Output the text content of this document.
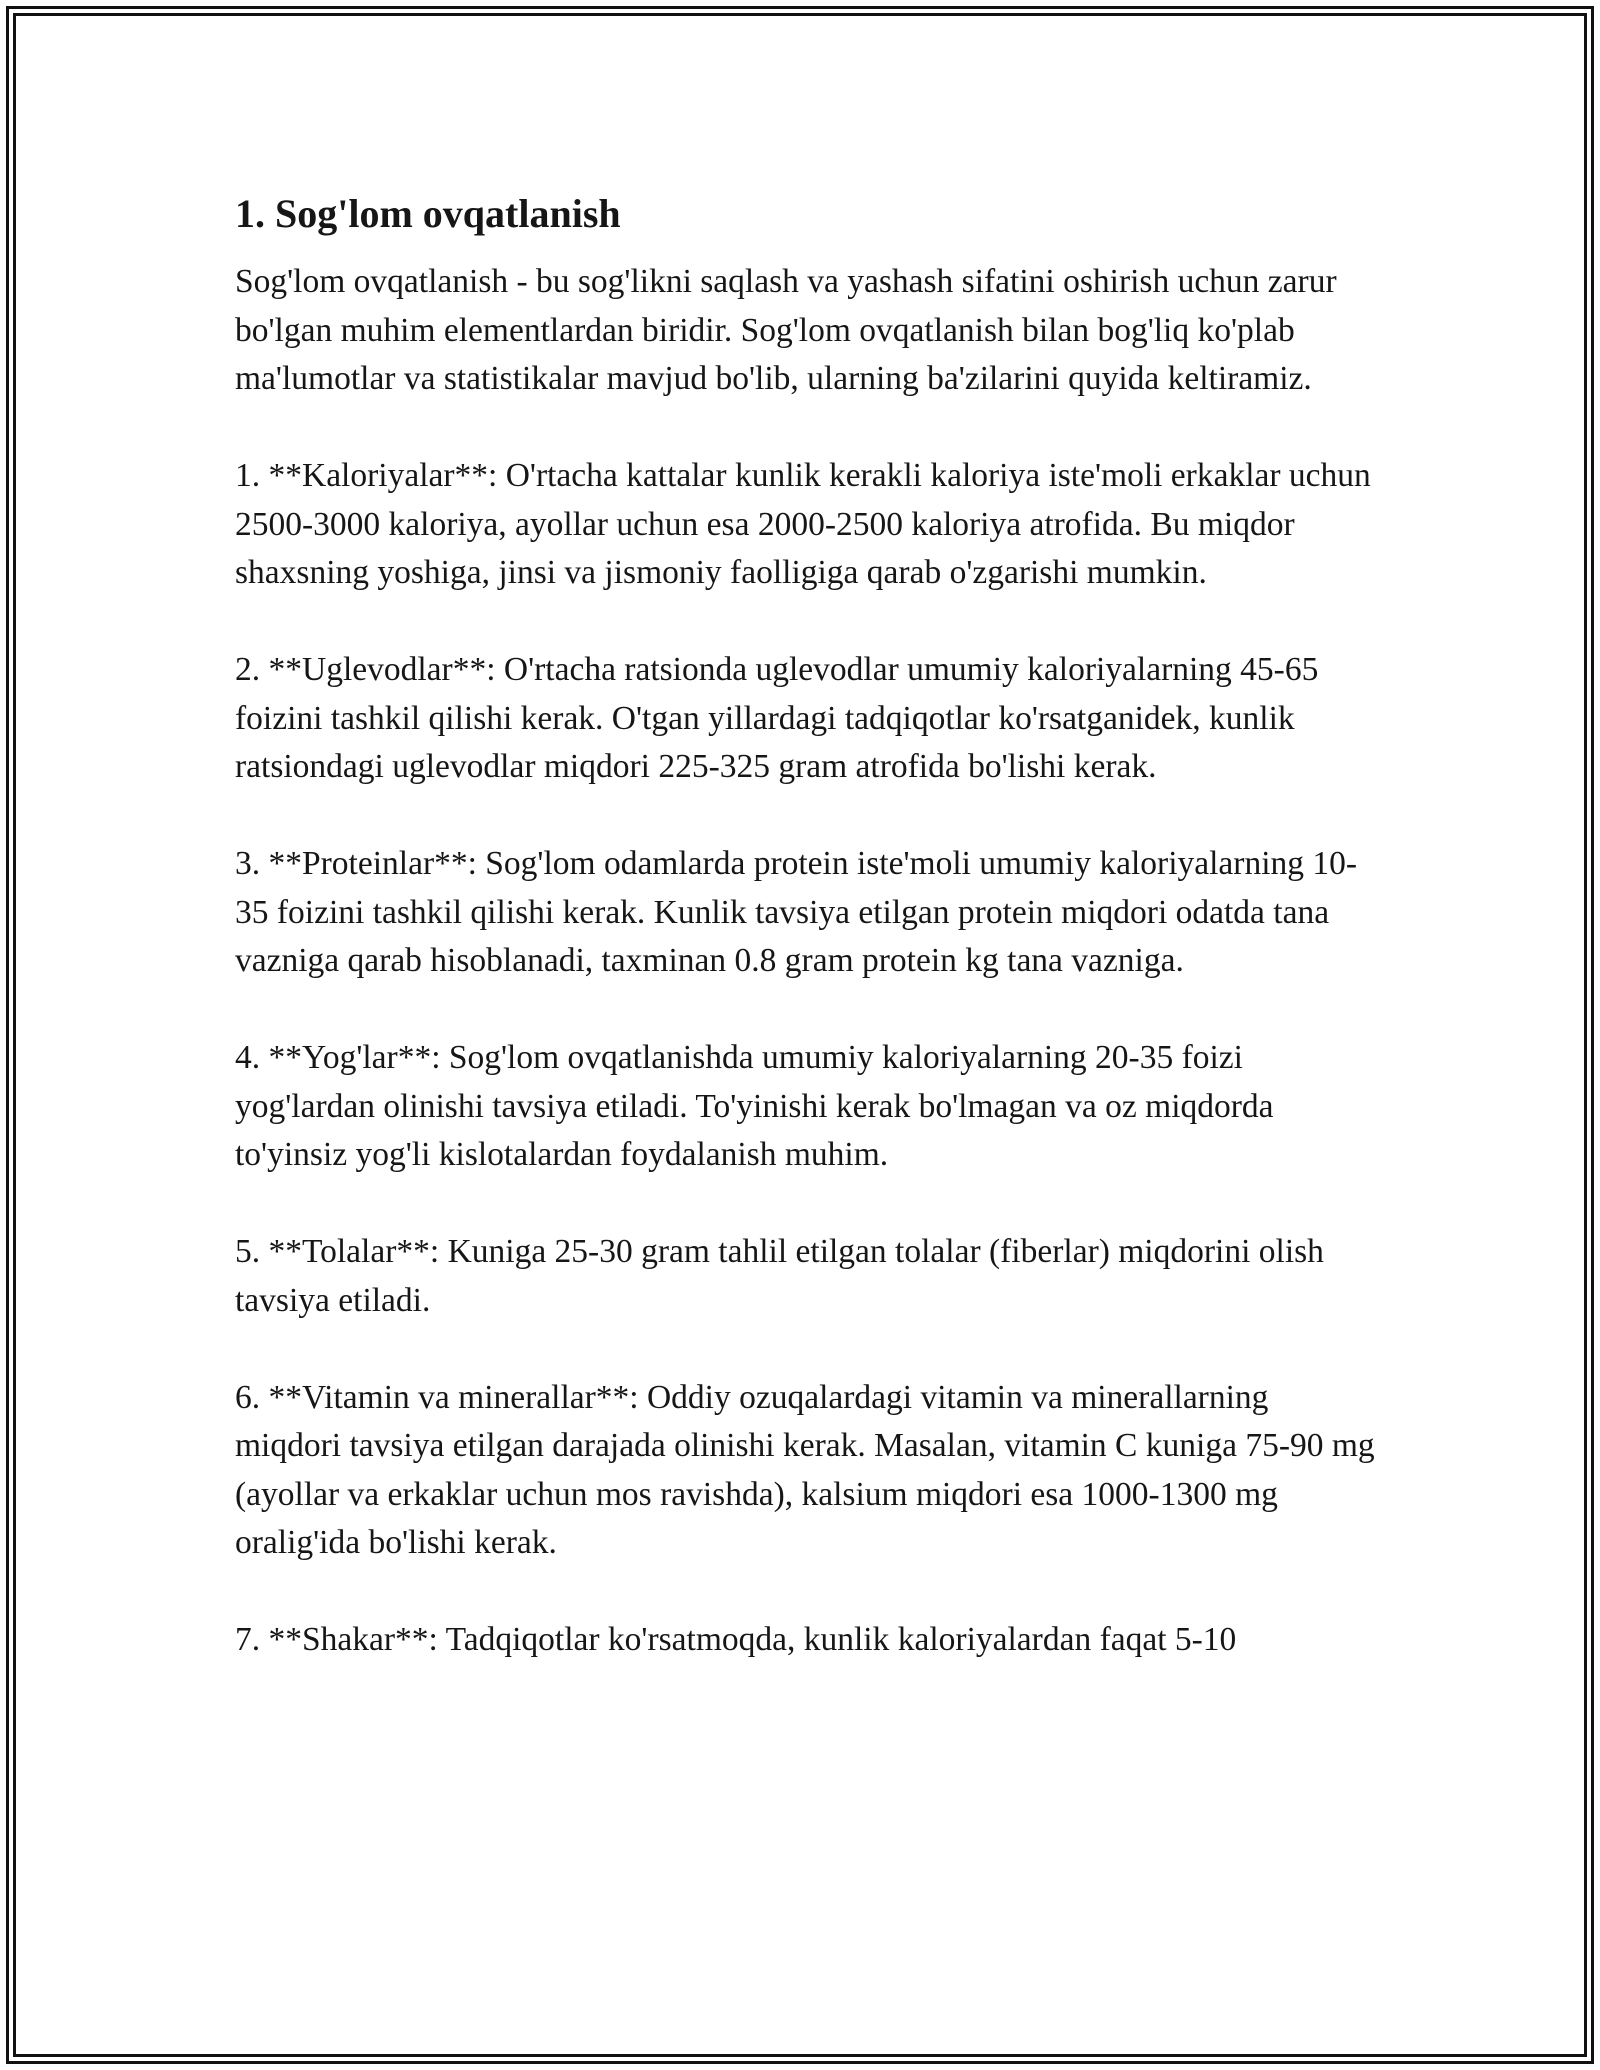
1. Sog'lom ovqatlanish

Sog'lom ovqatlanish - bu sog'likni saqlash va yashash sifatini oshirish uchun zarur bo'lgan muhim elementlardan biridir. Sog'lom ovqatlanish bilan bog'liq ko'plab ma'lumotlar va statistikalar mavjud bo'lib, ularning ba'zilarini quyida keltiramiz.

1. **Kaloriyalar**: O'rtacha kattalar kunlik kerakli kaloriya iste'moli erkaklar uchun 2500-3000 kaloriya, ayollar uchun esa 2000-2500 kaloriya atrofida. Bu miqdor shaxsning yoshiga, jinsi va jismoniy faolligiga qarab o'zgarishi mumkin.

2. **Uglevodlar**: O'rtacha ratsionda uglevodlar umumiy kaloriyalarning 45-65 foizini tashkil qilishi kerak. O'tgan yillardagi tadqiqotlar ko'rsatganidek, kunlik ratsiondagi uglevodlar miqdori 225-325 gram atrofida bo'lishi kerak.

3. **Proteinlar**: Sog'lom odamlarda protein iste'moli umumiy kaloriyalarning 10-35 foizini tashkil qilishi kerak. Kunlik tavsiya etilgan protein miqdori odatda tana vazniga qarab hisoblanadi, taxminan 0.8 gram protein kg tana vazniga.

4. **Yog'lar**: Sog'lom ovqatlanishda umumiy kaloriyalarning 20-35 foizi yog'lardan olinishi tavsiya etiladi. To'yinishi kerak bo'lmagan va oz miqdorda to'yinsiz yog'li kislotalardan foydalanish muhim.

5. **Tolalar**: Kuniga 25-30 gram tahlil etilgan tolalar (fiberlar) miqdorini olish tavsiya etiladi.

6. **Vitamin va minerallar**: Oddiy ozuqalardagi vitamin va minerallarning miqdori tavsiya etilgan darajada olinishi kerak. Masalan, vitamin C kuniga 75-90 mg (ayollar va erkaklar uchun mos ravishda), kalsium miqdori esa 1000-1300 mg oralig'ida bo'lishi kerak.

7. **Shakar**: Tadqiqotlar ko'rsatmoqda, kunlik kaloriyalardan faqat 5-10
